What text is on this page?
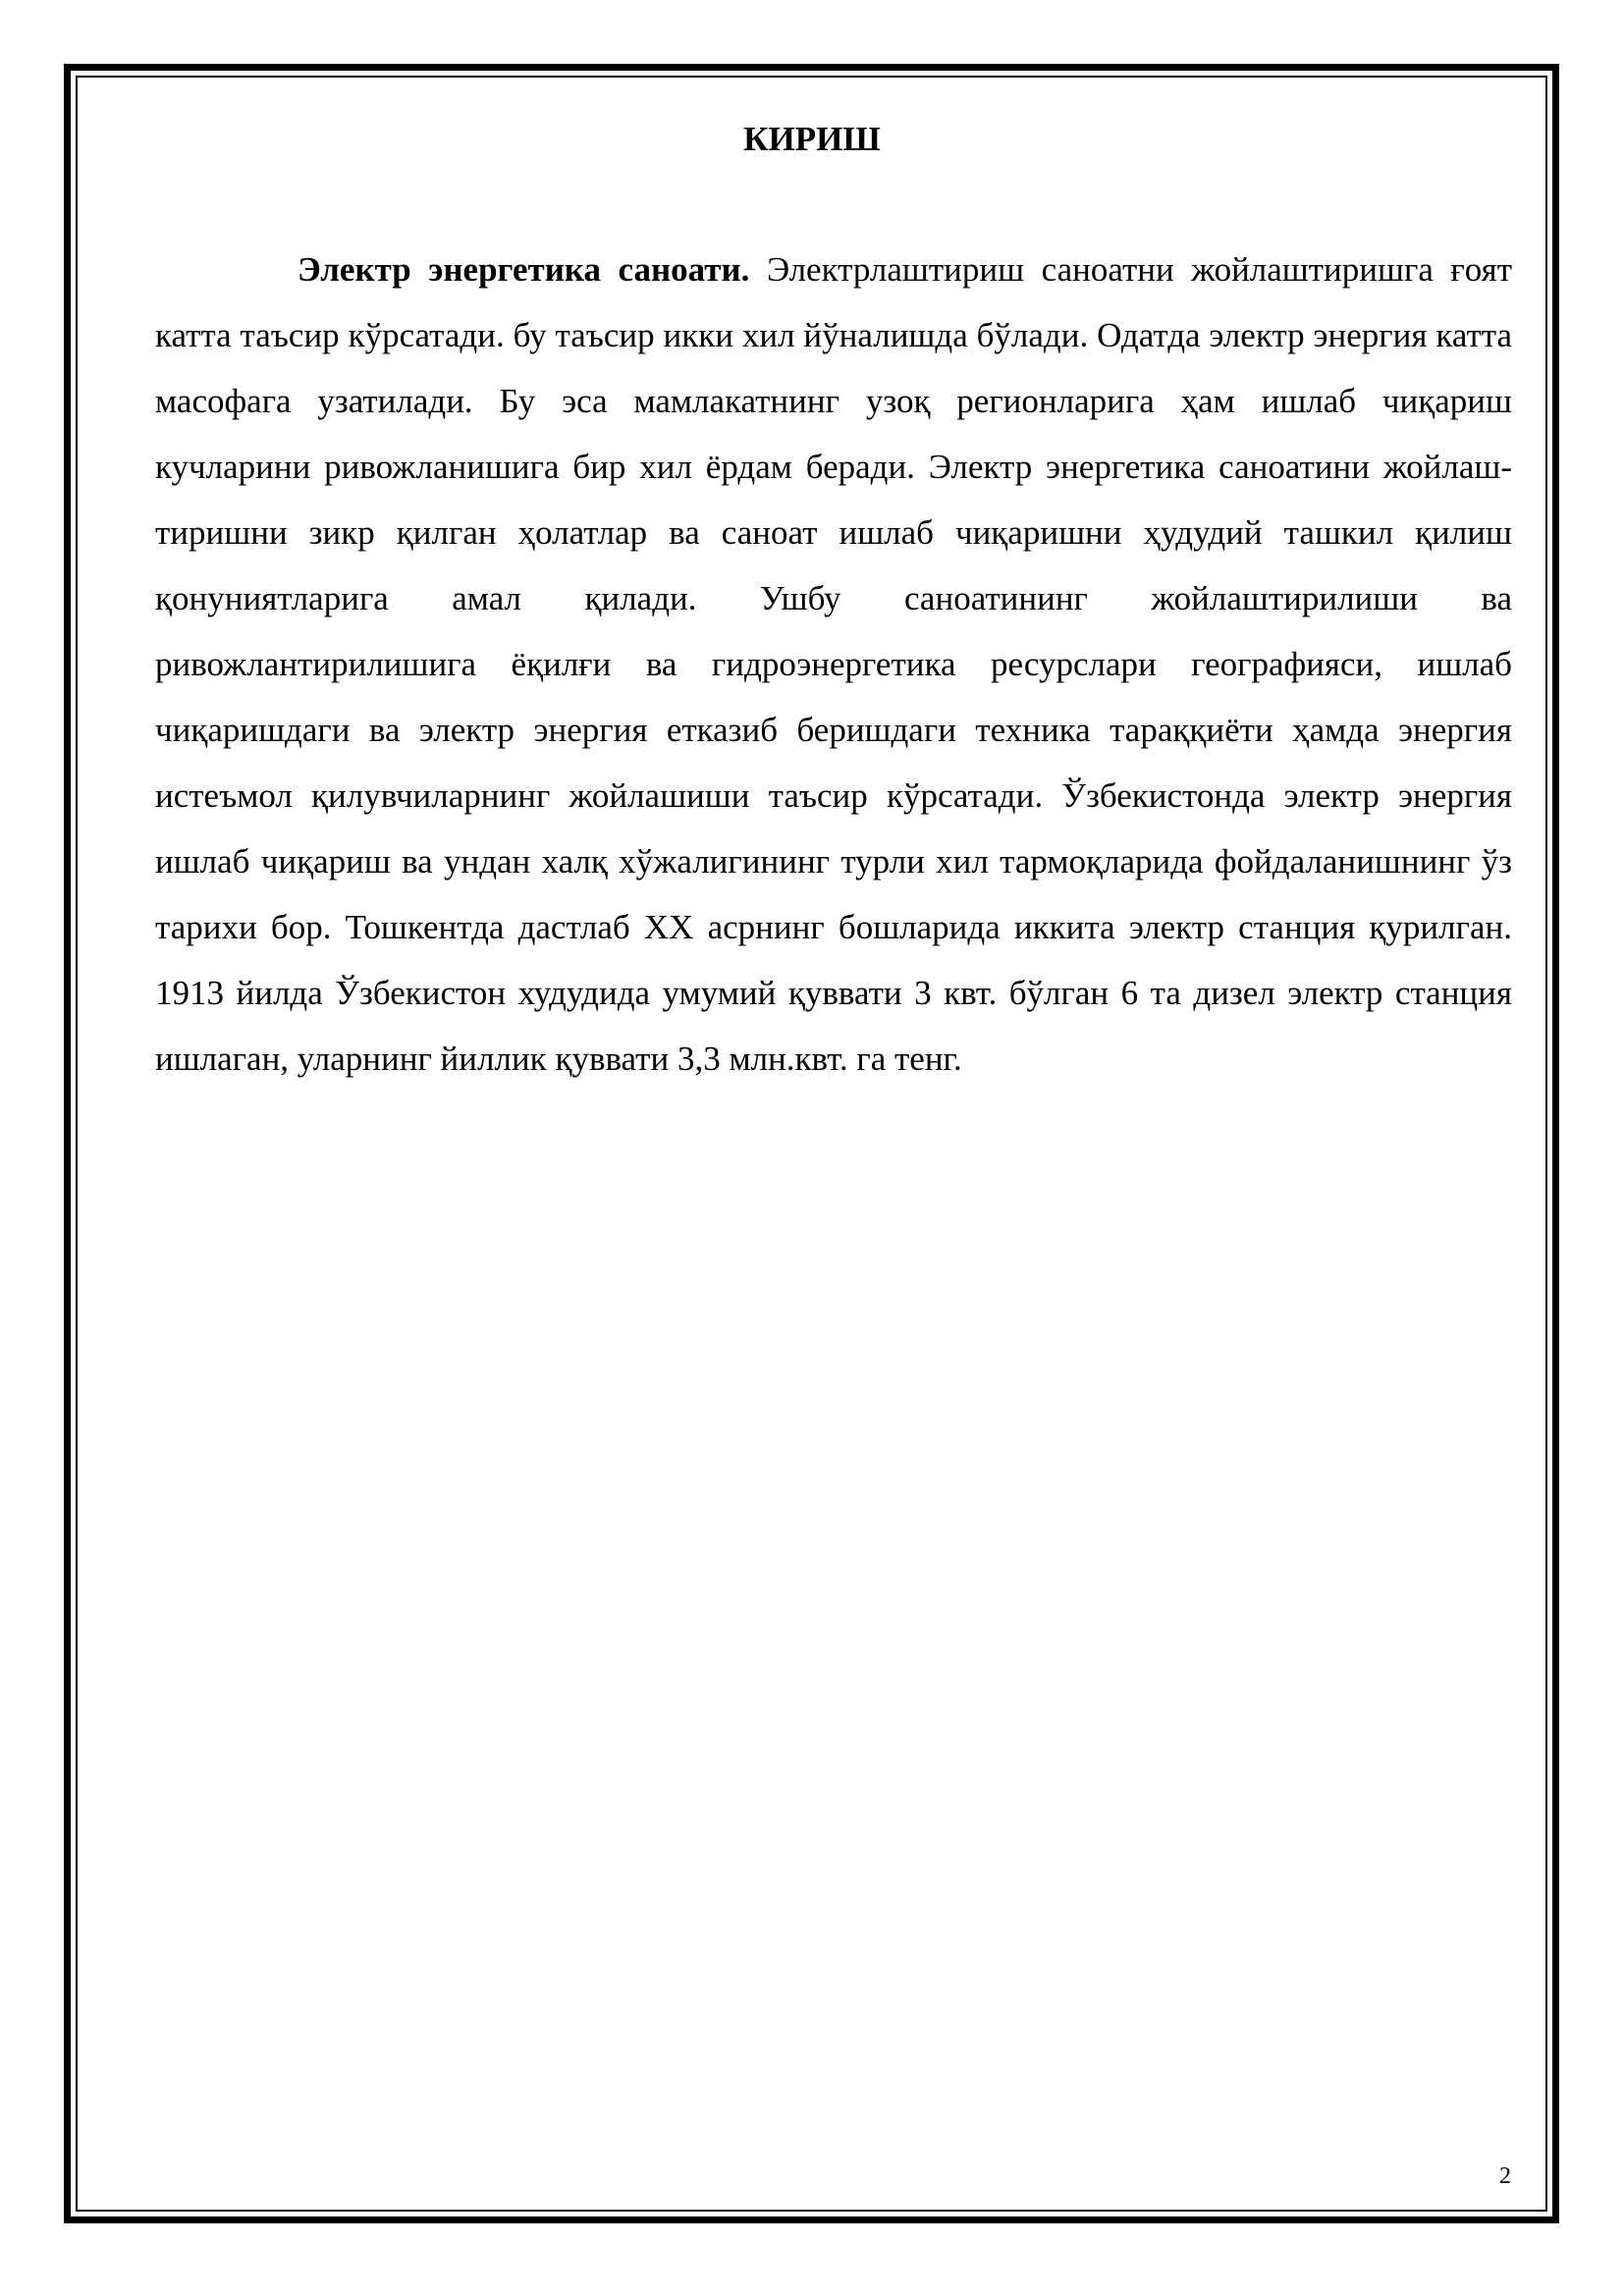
КИРИШ

Электр энергетика саноати. Электрлаштириш саноатни жойлаштиришга ғоят катта таъсир кўрсатади. бу таъсир икки хил йўналишда бўлади. Одатда электр энергия катта масофага узатилади. Бу эса мамлакатнинг узоқ регионларига ҳам ишлаб чиқариш кучларини ривожланишига бир хил ёрдам беради. Электр энергетика саноатини жойлаш-тиришни зикр қилган ҳолатлар ва саноат ишлаб чиқаришни ҳудудий ташкил қилиш қонуниятларига амал қилади. Ушбу саноатининг жойлаштирилиши ва ривожлантирилишига ёқилғи ва гидроэнергетика ресурслари географияси, ишлаб чиқаришдаги ва электр энергия етказиб беришдаги техника тараққиёти ҳамда энергия истеъмол қилувчиларнинг жойлашиши таъсир кўрсатади. Ўзбекистонда электр энергия ишлаб чиқариш ва ундан халқ хўжалигининг турли хил тармоқларида фойдаланишнинг ўз тарихи бор. Тошкентда дастлаб XX асрнинг бошларида иккита электр станция қурилган. 1913 йилда Ўзбекистон худудида умумий қуввати 3 квт. бўлган 6 та дизел электр станция ишлаган, уларнинг йиллик қуввати 3,3 млн.квт. га тенг.

2
